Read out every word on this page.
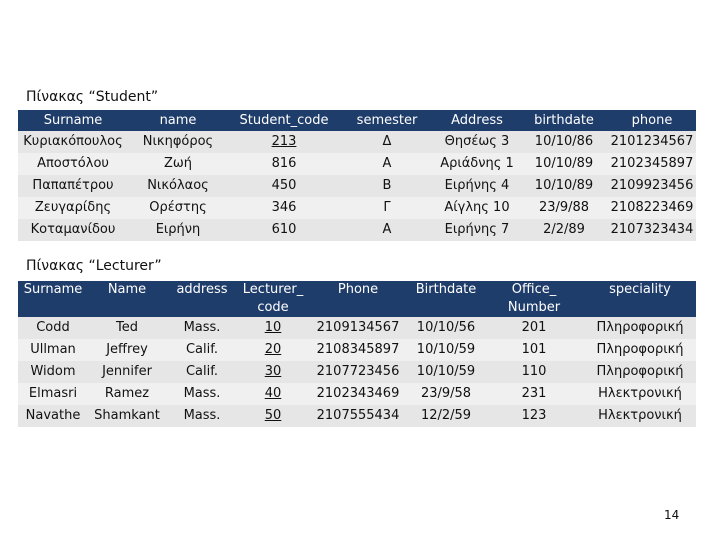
Πίνακας “Student”
Surname	name	Student_code	semester	Address	birthdate	phone
Κυριακόπουλος	Νικηφόρος	213	Δ	Θησέως 3	10/10/86	2101234567
Αποστόλου	Ζωή	816	Α	Αριάδνης 1	10/10/89	2102345897
Παπαπέτρου	Νικόλαος	450	Β	Ειρήνης 4	10/10/89	2109923456
Ζευγαρίδης	Ορέστης	346	Γ	Αίγλης 10	23/9/88	2108223469
Κοταμανίδου	Ειρήνη	610	Α	Ειρήνης 7	2/2/89	2107323434
Πίνακας “Lecturer”
Surname	Name	address	Lecturer_ code	Phone	Birthdate	Office_ Number	speciality
Codd	Ted	Mass.	10	2109134567	10/10/56	201	Πληροφορική
Ullman	Jeffrey	Calif.	20	2108345897	10/10/59	101	Πληροφορική
Widom	Jennifer	Calif.	30	2107723456	10/10/59	110	Πληροφορική
Elmasri	Ramez	Mass.	40	2102343469	23/9/58	231	Ηλεκτρονική
Navathe	Shamkant	Mass.	50	2107555434	12/2/59	123	Ηλεκτρονική
14
